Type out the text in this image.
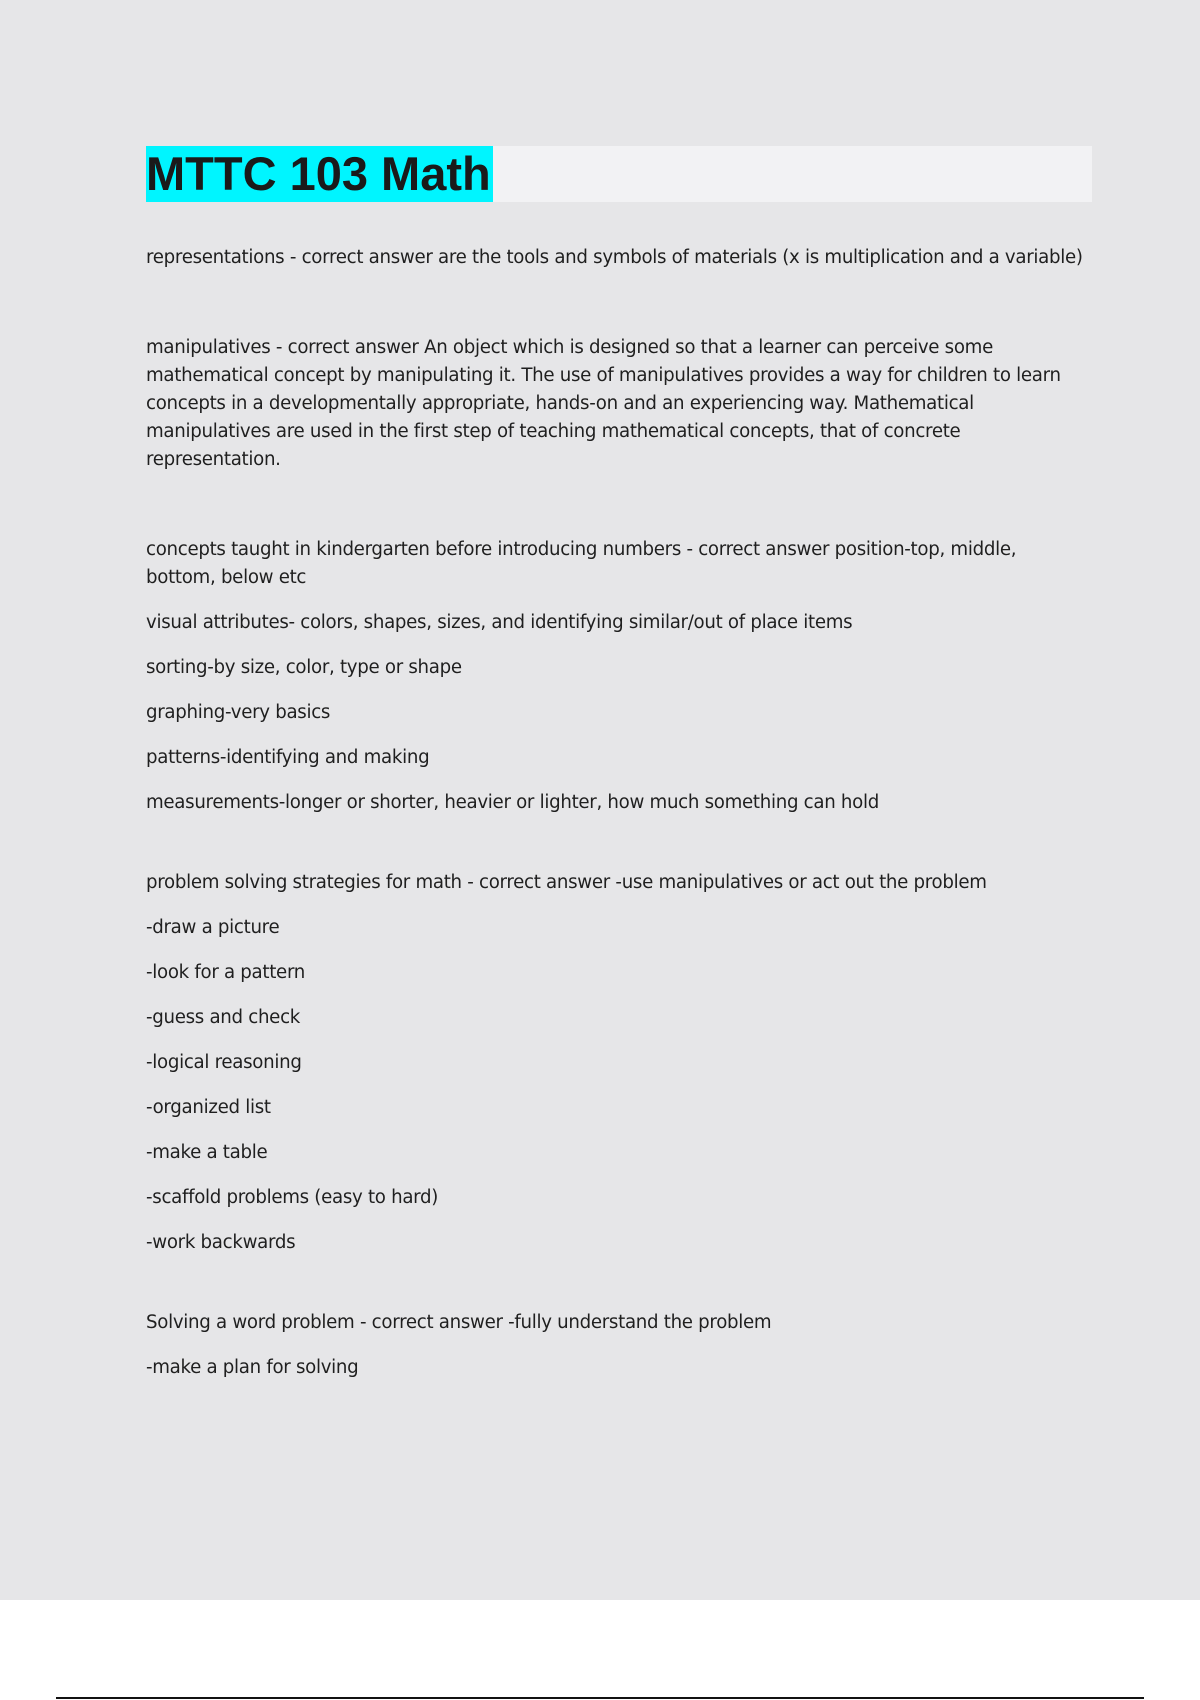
MTTC 103 Math

representations - correct answer are the tools and symbols of materials (x is multiplication and a variable)

manipulatives - correct answer An object which is designed so that a learner can perceive some mathematical concept by manipulating it. The use of manipulatives provides a way for children to learn concepts in a developmentally appropriate, hands-on and an experiencing way. Mathematical manipulatives are used in the first step of teaching mathematical concepts, that of concrete representation.

concepts taught in kindergarten before introducing numbers - correct answer position-top, middle, bottom, below etc

visual attributes- colors, shapes, sizes, and identifying similar/out of place items

sorting-by size, color, type or shape

graphing-very basics

patterns-identifying and making

measurements-longer or shorter, heavier or lighter, how much something can hold

problem solving strategies for math - correct answer -use manipulatives or act out the problem

-draw a picture

-look for a pattern

-guess and check

-logical reasoning

-organized list

-make a table

-scaffold problems (easy to hard)

-work backwards

Solving a word problem - correct answer -fully understand the problem

-make a plan for solving
